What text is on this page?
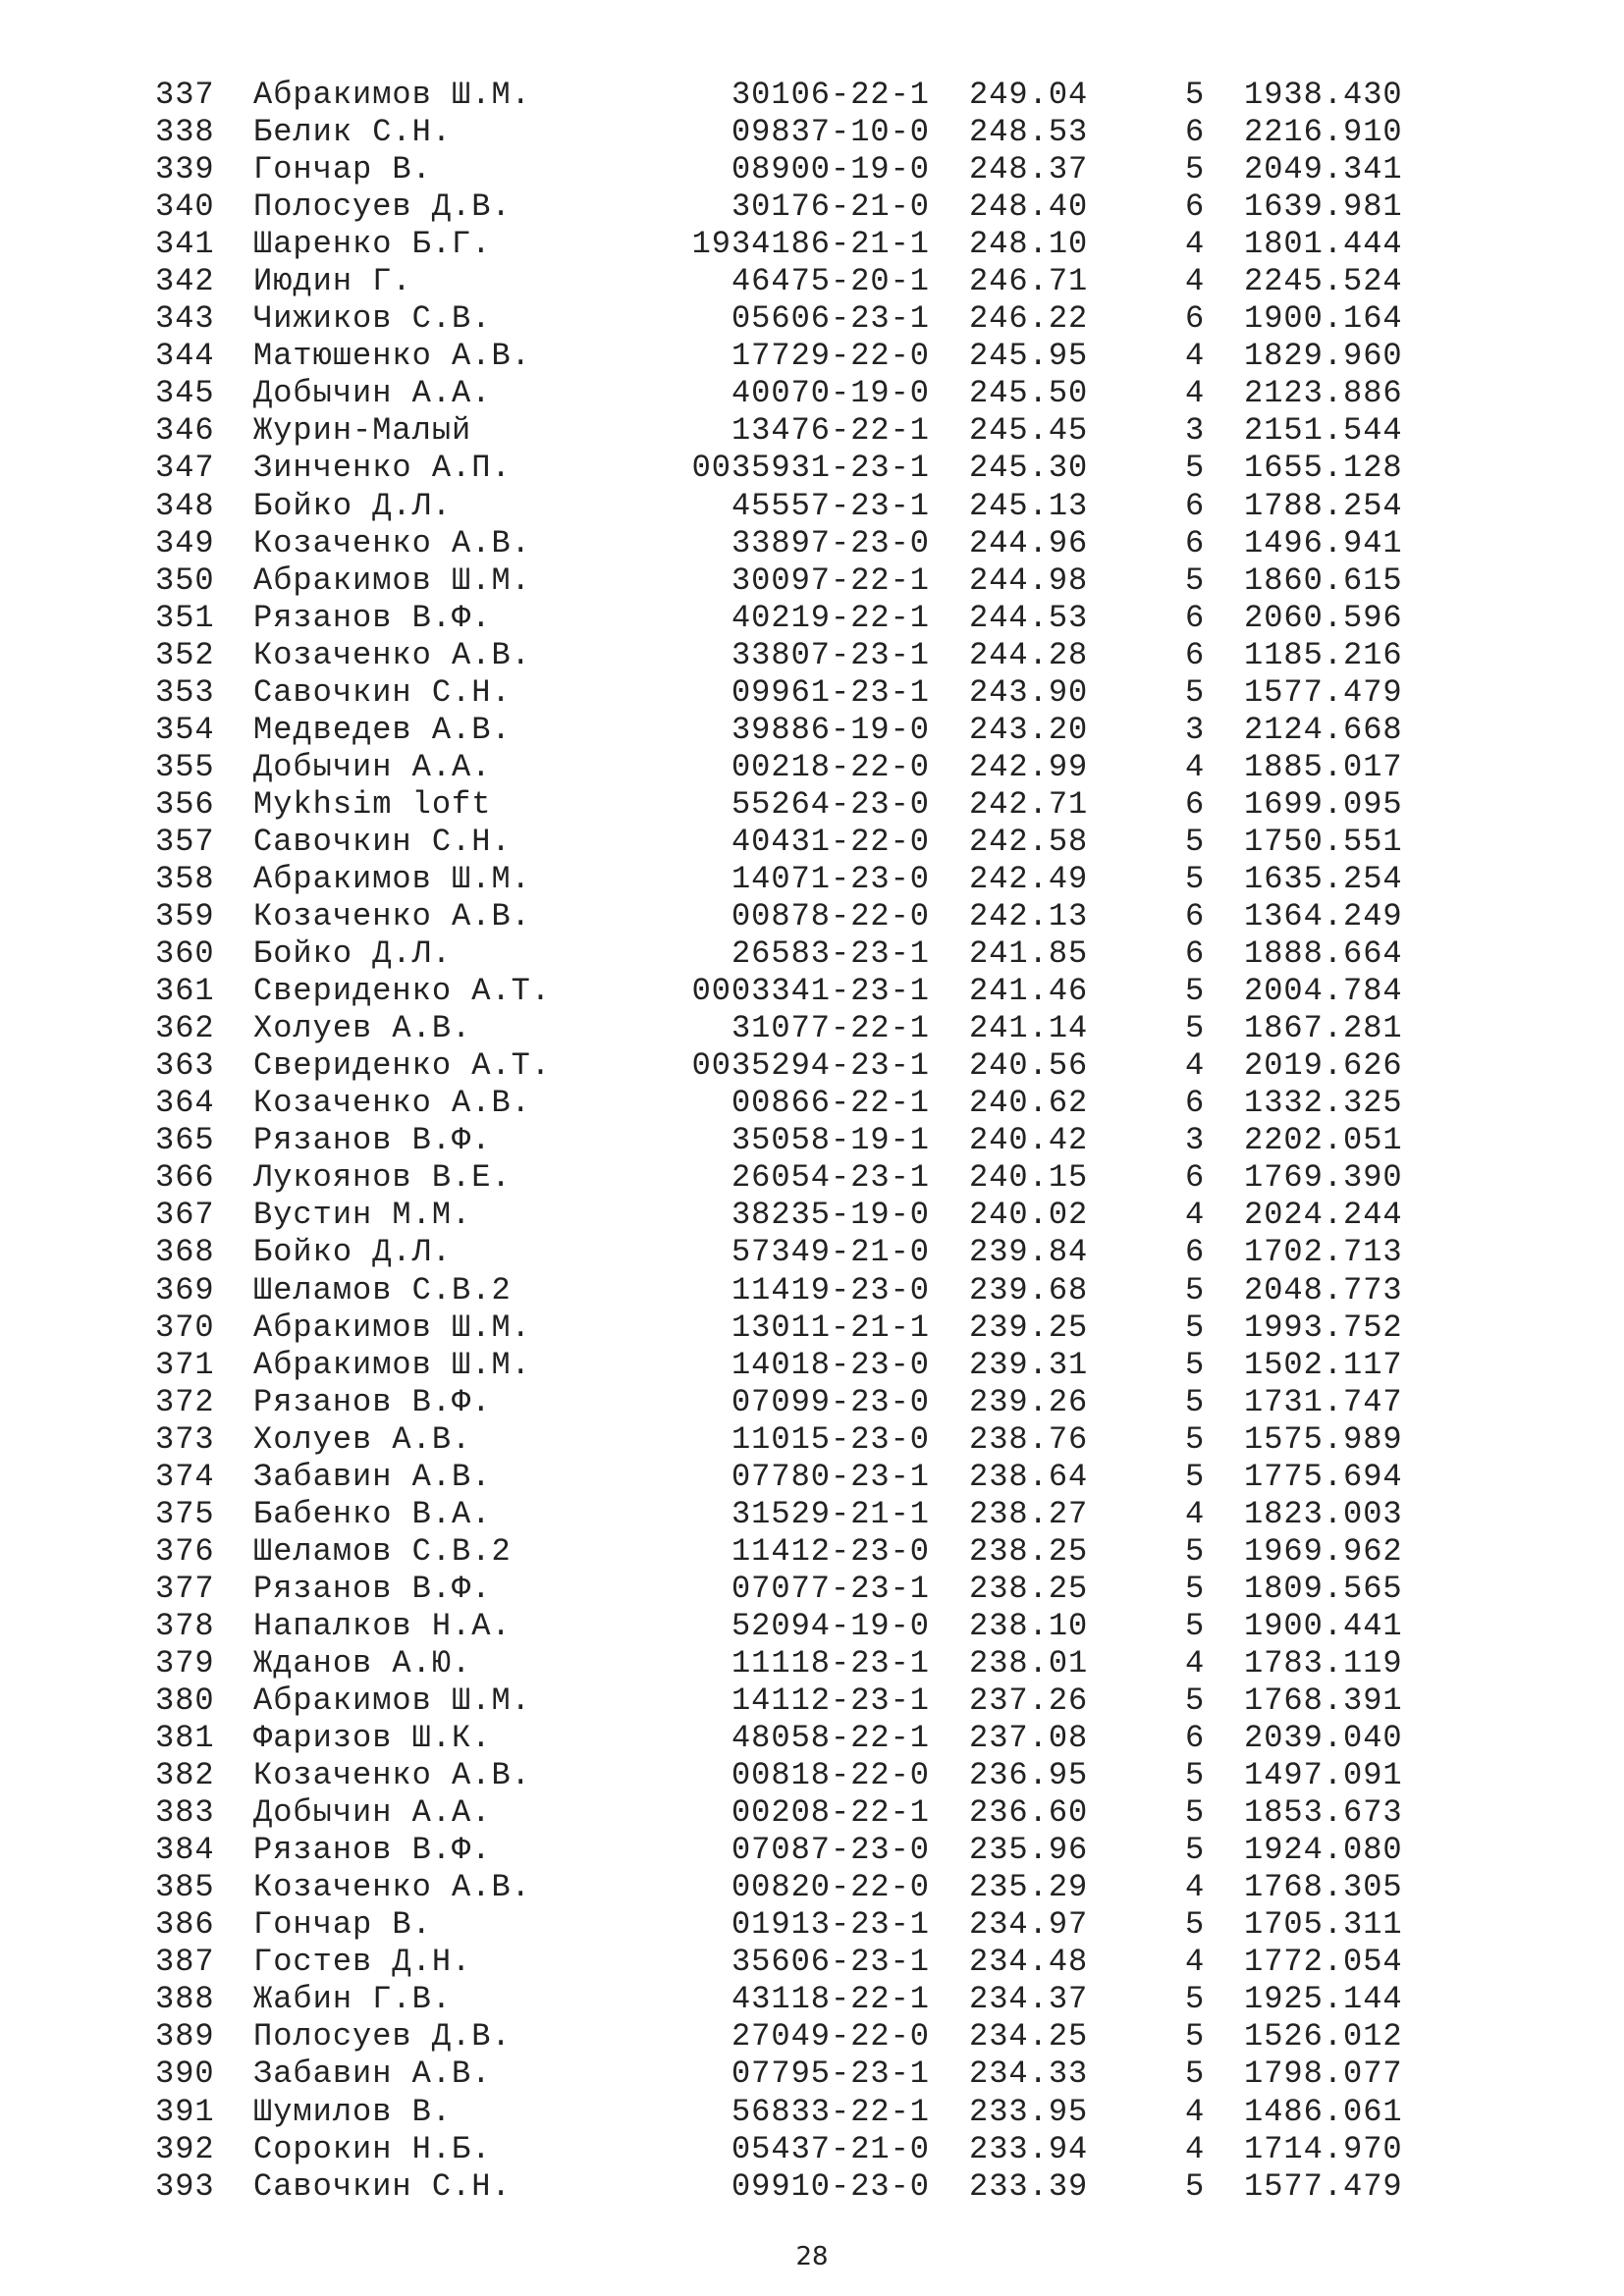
337 Абракимов Ш.М.	30106-22-1 249.04	5 1938.430
338 Белик С.Н.	09837-10-0 248.53	6 2216.910
339 Гончар В.	08900-19-0 248.37	5 2049.341
340 Полосуев Д.В.	30176-21-0 248.40	6 1639.981
341 Шаренко Б.Г.	1934186-21-1 248.10	4 1801.444
342 Июдин Г.	46475-20-1 246.71	4 2245.524
343 Чижиков С.В.	05606-23-1 246.22	6 1900.164
344 Матюшенко А.В.	17729-22-0 245.95	4 1829.960
345 Добычин А.А.	40070-19-0 245.50	4 2123.886
346 Журин-Малый	13476-22-1 245.45	3 2151.544
347 Зинченко А.П.	0035931-23-1 245.30	5 1655.128
348 Бойко Д.Л.	45557-23-1 245.13	6 1788.254
349 Козаченко А.В.	33897-23-0 244.96	6 1496.941
350 Абракимов Ш.М.	30097-22-1 244.98	5 1860.615
351 Рязанов В.Ф.	40219-22-1 244.53	6 2060.596
352 Козаченко А.В.	33807-23-1 244.28	6 1185.216
353 Савочкин С.Н.	09961-23-1 243.90	5 1577.479
354 Медведев А.В.	39886-19-0 243.20	3 2124.668
355 Добычин А.А.	00218-22-0 242.99	4 1885.017
356 Mykhsim loft	55264-23-0 242.71	6 1699.095
357 Савочкин С.Н.	40431-22-0 242.58	5 1750.551
358 Абракимов Ш.М.	14071-23-0 242.49	5 1635.254
359 Козаченко А.В.	00878-22-0 242.13	6 1364.249
360 Бойко Д.Л.	26583-23-1 241.85	6 1888.664
361 Свериденко А.Т.	0003341-23-1 241.46	5 2004.784
362 Холуев А.В.	31077-22-1 241.14	5 1867.281
363 Свериденко А.Т.	0035294-23-1 240.56	4 2019.626
364 Козаченко А.В.	00866-22-1 240.62	6 1332.325
365 Рязанов В.Ф.	35058-19-1 240.42	3 2202.051
366 Лукоянов В.Е.	26054-23-1 240.15	6 1769.390
367 Вустин М.М.	38235-19-0 240.02	4 2024.244
368 Бойко Д.Л.	57349-21-0 239.84	6 1702.713
369 Шеламов С.В.2	11419-23-0 239.68	5 2048.773
370 Абракимов Ш.М.	13011-21-1 239.25	5 1993.752
371 Абракимов Ш.М.	14018-23-0 239.31	5 1502.117
372 Рязанов В.Ф.	07099-23-0 239.26	5 1731.747
373 Холуев А.В.	11015-23-0 238.76	5 1575.989
374 Забавин А.В.	07780-23-1 238.64	5 1775.694
375 Бабенко В.А.	31529-21-1 238.27	4 1823.003
376 Шеламов С.В.2	11412-23-0 238.25	5 1969.962
377 Рязанов В.Ф.	07077-23-1 238.25	5 1809.565
378 Напалков Н.А.	52094-19-0 238.10	5 1900.441
379 Жданов А.Ю.	11118-23-1 238.01	4 1783.119
380 Абракимов Ш.М.	14112-23-1 237.26	5 1768.391
381 Фаризов Ш.К.	48058-22-1 237.08	6 2039.040
382 Козаченко А.В.	00818-22-0 236.95	5 1497.091
383 Добычин А.А.	00208-22-1 236.60	5 1853.673
384 Рязанов В.Ф.	07087-23-0 235.96	5 1924.080
385 Козаченко А.В.	00820-22-0 235.29	4 1768.305
386 Гончар В.	01913-23-1 234.97	5 1705.311
387 Гостев Д.Н.	35606-23-1 234.48	4 1772.054
388 Жабин Г.В.	43118-22-1 234.37	5 1925.144
389 Полосуев Д.В.	27049-22-0 234.25	5 1526.012
390 Забавин А.В.	07795-23-1 234.33	5 1798.077
391 Шумилов В.	56833-22-1 233.95	4 1486.061
392 Сорокин Н.Б.	05437-21-0 233.94	4 1714.970
393 Савочкин С.Н.	09910-23-0 233.39	5 1577.479
28
